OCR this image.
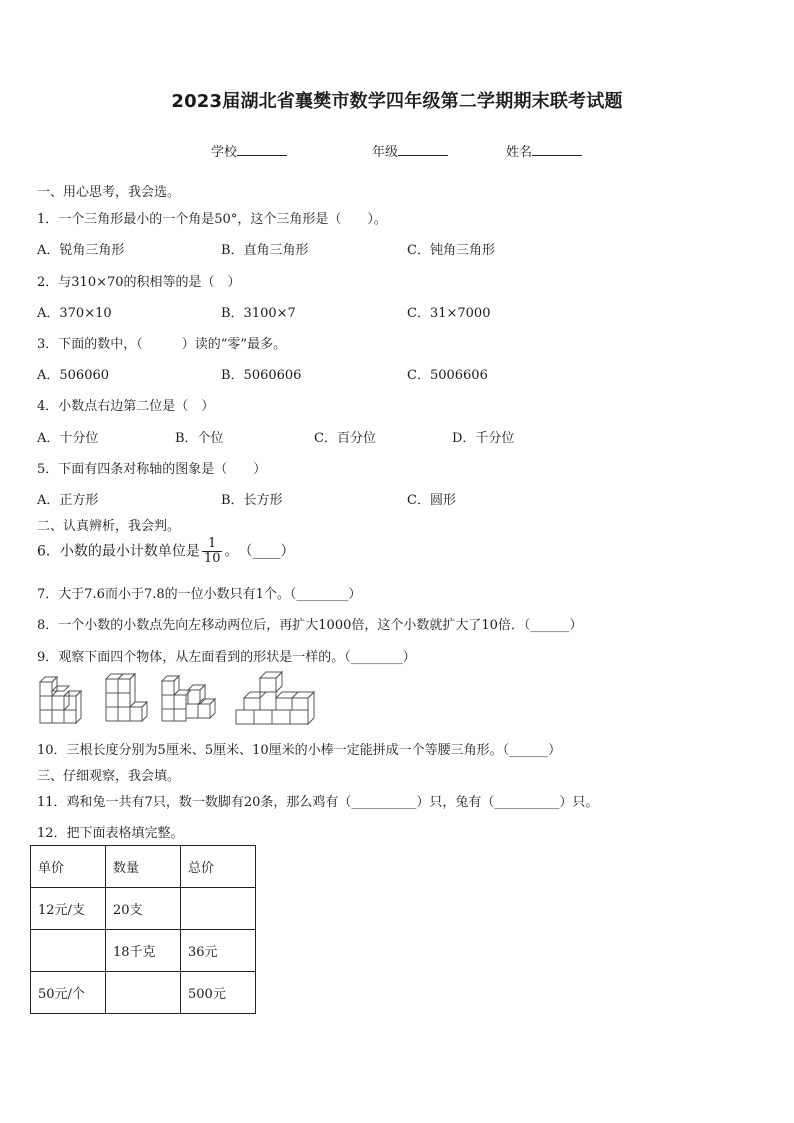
2023届湖北省襄樊市数学四年级第二学期期末联考试题
学校	年级	姓名
一、用心思考，我会选。
1．一个三角形最小的一个角是50°，这个三角形是（　　）。
A．锐角三角形	B．直角三角形	C．钝角三角形
2．与310×70的积相等的是（　）
A．370×10	B．3100×7	C．31×7000
3．下面的数中，（　　　）读的“零”最多。
A．506060	B．5060606	C．5006606
4．小数点右边第二位是（　）
A．十分位	B．个位	C．百分位	D．千分位
5．下面有四条对称轴的图象是（　　）
A．正方形	B．长方形	C．圆形
二、认真辨析，我会判。
6．小数的最小计数单位是 $\frac{1}{10}$ 。　（____）
7．大于7.6而小于7.8的一位小数只有1个。（________）
8．一个小数的小数点先向左移动两位后，再扩大1000倍，这个小数就扩大了10倍．（______）
9．观察下面四个物体，从左面看到的形状是一样的。（________）
10．三根长度分别为5厘米、5厘米、10厘米的小棒一定能拼成一个等腰三角形。（______）
三、仔细观察，我会填。
11．鸡和兔一共有7只，数一数脚有20条，那么鸡有（__________）只，兔有（__________）只。
12．把下面表格填完整。
单价	数量	总价
12元/支	20支	
	18千克	36元
50元/个		500元
